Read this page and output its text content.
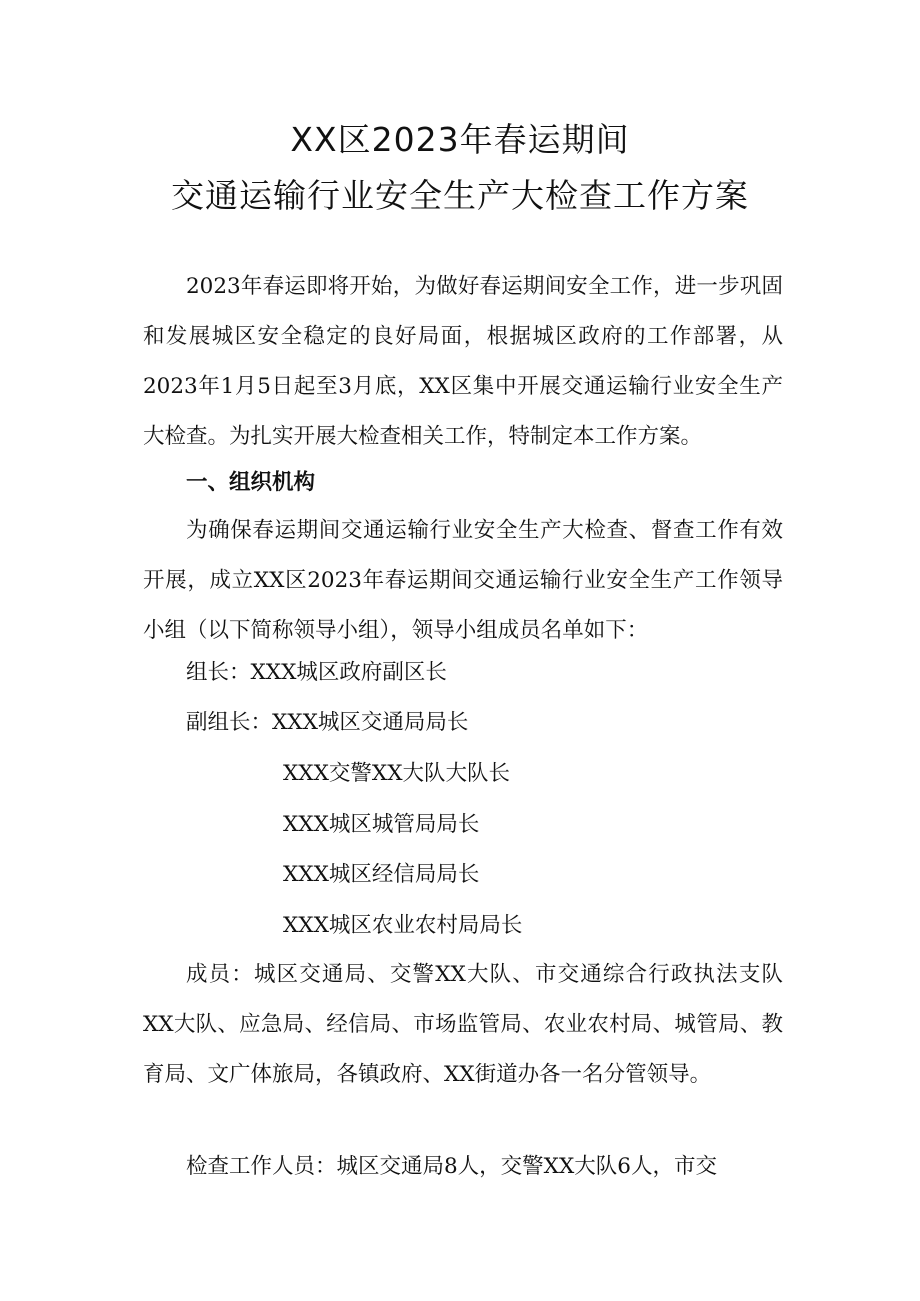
XX区2023年春运期间
交通运输行业安全生产大检查工作方案
2023年春运即将开始，为做好春运期间安全工作，进一步巩固和发展城区安全稳定的良好局面，根据城区政府的工作部署，从2023年1月5日起至3月底，XX区集中开展交通运输行业安全生产大检查。为扎实开展大检查相关工作，特制定本工作方案。
一、组织机构
为确保春运期间交通运输行业安全生产大检查、督查工作有效开展，成立XX区2023年春运期间交通运输行业安全生产工作领导小组（以下简称领导小组），领导小组成员名单如下：
组长：XXX城区政府副区长
副组长：XXX城区交通局局长
XXX交警XX大队大队长
XXX城区城管局局长
XXX城区经信局局长
XXX城区农业农村局局长
成员：城区交通局、交警XX大队、市交通综合行政执法支队XX大队、应急局、经信局、市场监管局、农业农村局、城管局、教育局、文广体旅局，各镇政府、XX街道办各一名分管领导。
检查工作人员：城区交通局8人，交警XX大队6人，市交
